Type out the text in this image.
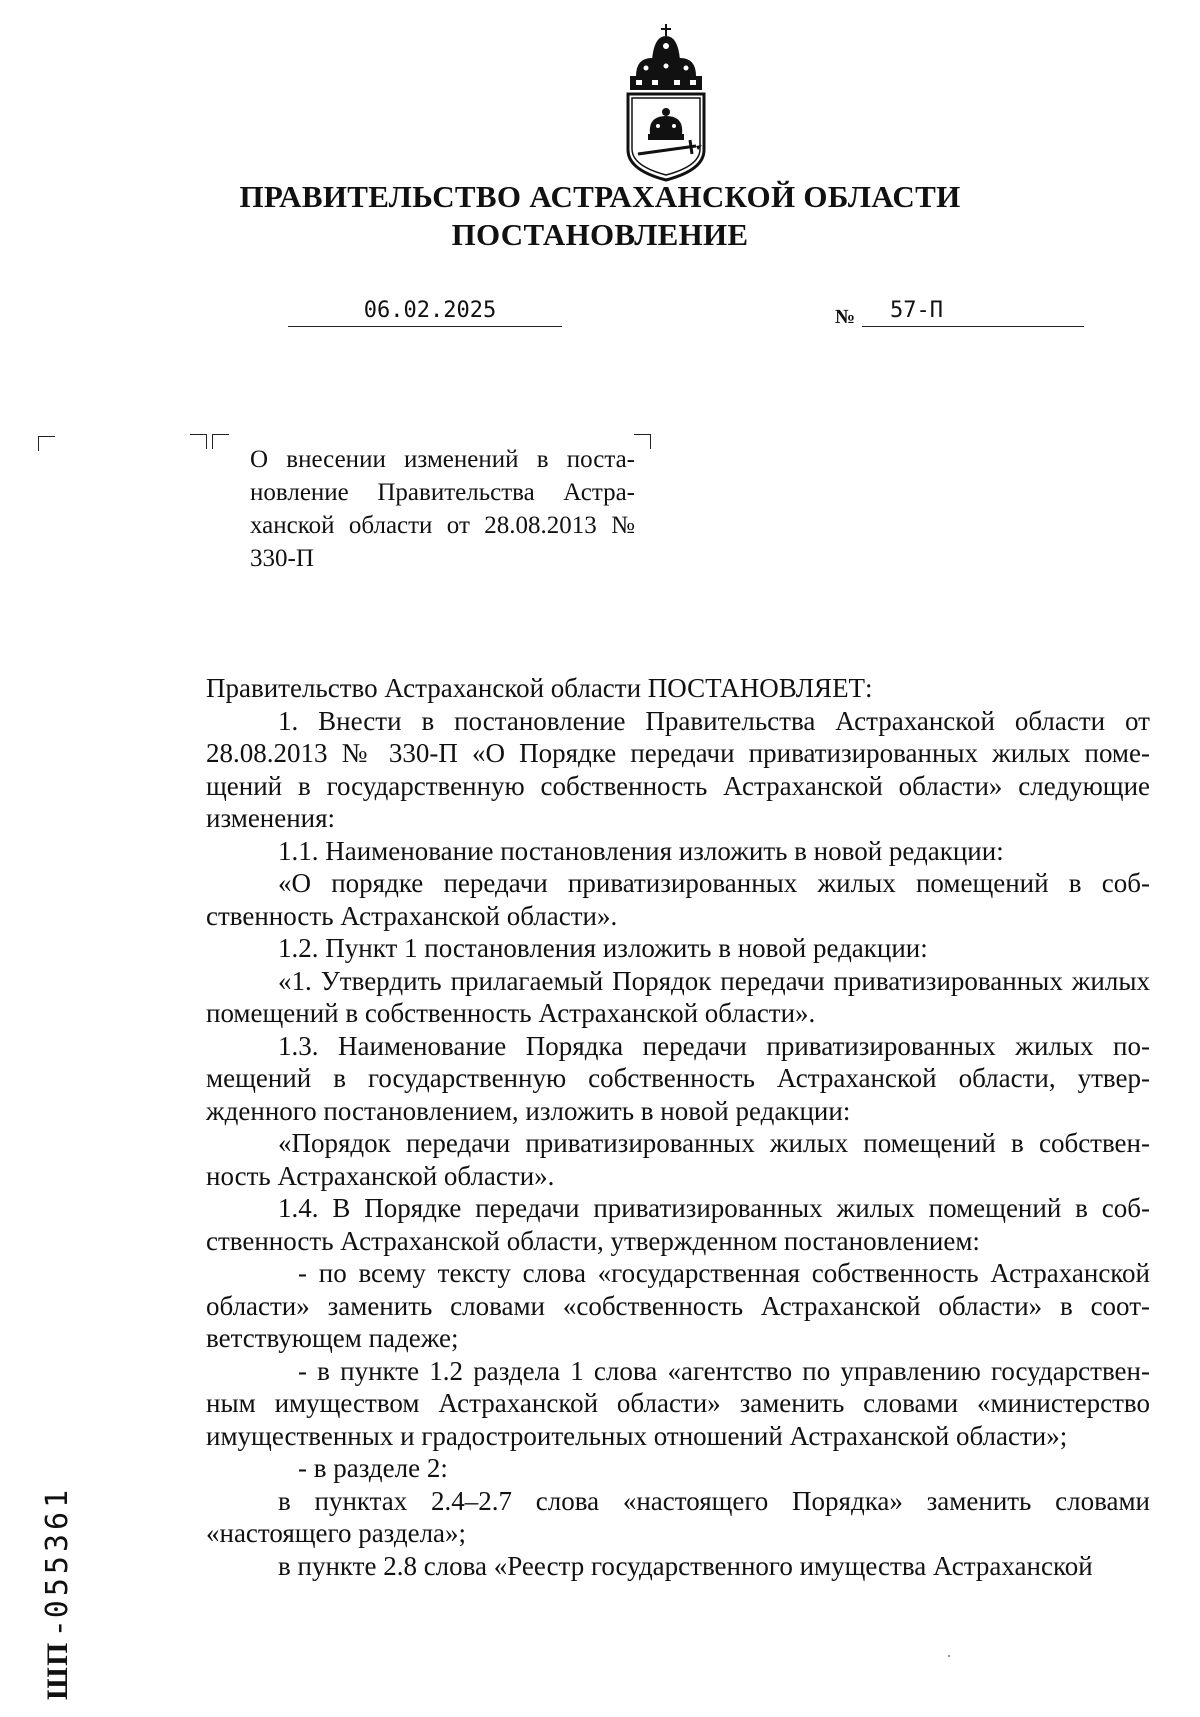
ПРАВИТЕЛЬСТВО АСТРАХАНСКОЙ ОБЛАСТИ
ПОСТАНОВЛЕНИЕ
06.02.2025	№	57-П

О внесении изменений в постановление Правительства Астраханской области от 28.08.2013 № 330-П

Правительство Астраханской области ПОСТАНОВЛЯЕТ:

1. Внести в постановление Правительства Астраханской области от 28.08.2013 № 330-П «О Порядке передачи приватизированных жилых помещений в государственную собственность Астраханской области» следующие изменения:

1.1. Наименование постановления изложить в новой редакции:

«О порядке передачи приватизированных жилых помещений в собственность Астраханской области».

1.2. Пункт 1 постановления изложить в новой редакции:

«1. Утвердить прилагаемый Порядок передачи приватизированных жилых помещений в собственность Астраханской области».

1.3. Наименование Порядка передачи приватизированных жилых помещений в государственную собственность Астраханской области, утвержденного постановлением, изложить в новой редакции:

«Порядок передачи приватизированных жилых помещений в собственность Астраханской области».

1.4. В Порядке передачи приватизированных жилых помещений в собственность Астраханской области, утвержденном постановлением:

- по всему тексту слова «государственная собственность Астраханской области» заменить словами «собственность Астраханской области» в соответствующем падеже;

- в пункте 1.2 раздела 1 слова «агентство по управлению государственным имуществом Астраханской области» заменить словами «министерство имущественных и градостроительных отношений Астраханской области»;

- в разделе 2:

в пунктах 2.4–2.7 слова «настоящего Порядка» заменить словами «настоящего раздела»;

в пункте 2.8 слова «Реестр государственного имущества Астраханской

ШП - 055361
